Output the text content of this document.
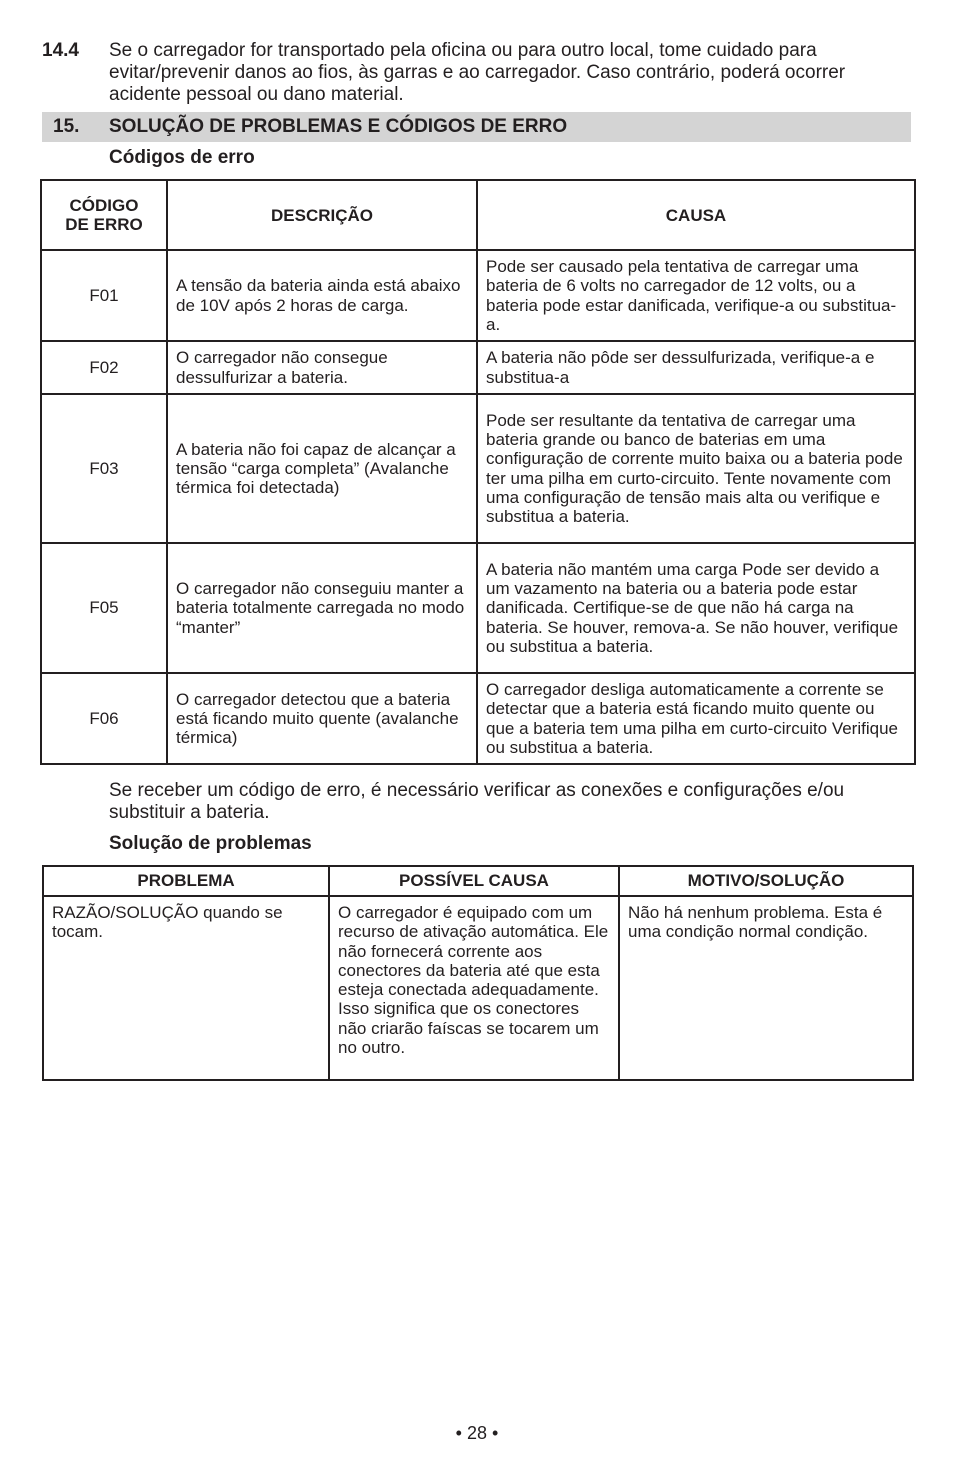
14.4 Se o carregador for transportado pela oficina ou para outro local, tome cuidado para evitar/prevenir danos ao fios, às garras e ao carregador. Caso contrário, poderá ocorrer acidente pessoal ou dano material.
15. SOLUÇÃO DE PROBLEMAS E CÓDIGOS DE ERRO
Códigos de erro
CÓDIGO DE ERRO	DESCRIÇÃO	CAUSA
F01	A tensão da bateria ainda está abaixo de 10V após 2 horas de carga.	Pode ser causado pela tentativa de carregar uma bateria de 6 volts no carregador de 12 volts, ou a bateria pode estar danificada, verifique-a ou substitua-a.
F02	O carregador não consegue dessulfurizar a bateria.	A bateria não pôde ser dessulfurizada, verifique-a e substitua-a
F03	A bateria não foi capaz de alcançar a tensão “carga completa” (Avalanche térmica foi detectada)	Pode ser resultante da tentativa de carregar uma bateria grande ou banco de baterias em uma configuração de corrente muito baixa ou a bateria pode ter uma pilha em curto-circuito. Tente novamente com uma configuração de tensão mais alta ou verifique e substitua a bateria.
F05	O carregador não conseguiu manter a bateria totalmente carregada no modo “manter”	A bateria não mantém uma carga Pode ser devido a um vazamento na bateria ou a bateria pode estar danificada. Certifique-se de que não há carga na bateria. Se houver, remova-a. Se não houver, verifique ou substitua a bateria.
F06	O carregador detectou que a bateria está ficando muito quente (avalanche térmica)	O carregador desliga automaticamente a corrente se detectar que a bateria está ficando muito quente ou que a bateria tem uma pilha em curto-circuito Verifique ou substitua a bateria.
Se receber um código de erro, é necessário verificar as conexões e configurações e/ou substituir a bateria.
Solução de problemas
PROBLEMA	POSSÍVEL CAUSA	MOTIVO/SOLUÇÃO
RAZÃO/SOLUÇÃO quando se tocam.	O carregador é equipado com um recurso de ativação automática. Ele não fornecerá corrente aos conectores da bateria até que esta esteja conectada adequadamente. Isso significa que os conectores não criarão faíscas se tocarem um no outro.	Não há nenhum problema. Esta é uma condição normal condição.
• 28 •
